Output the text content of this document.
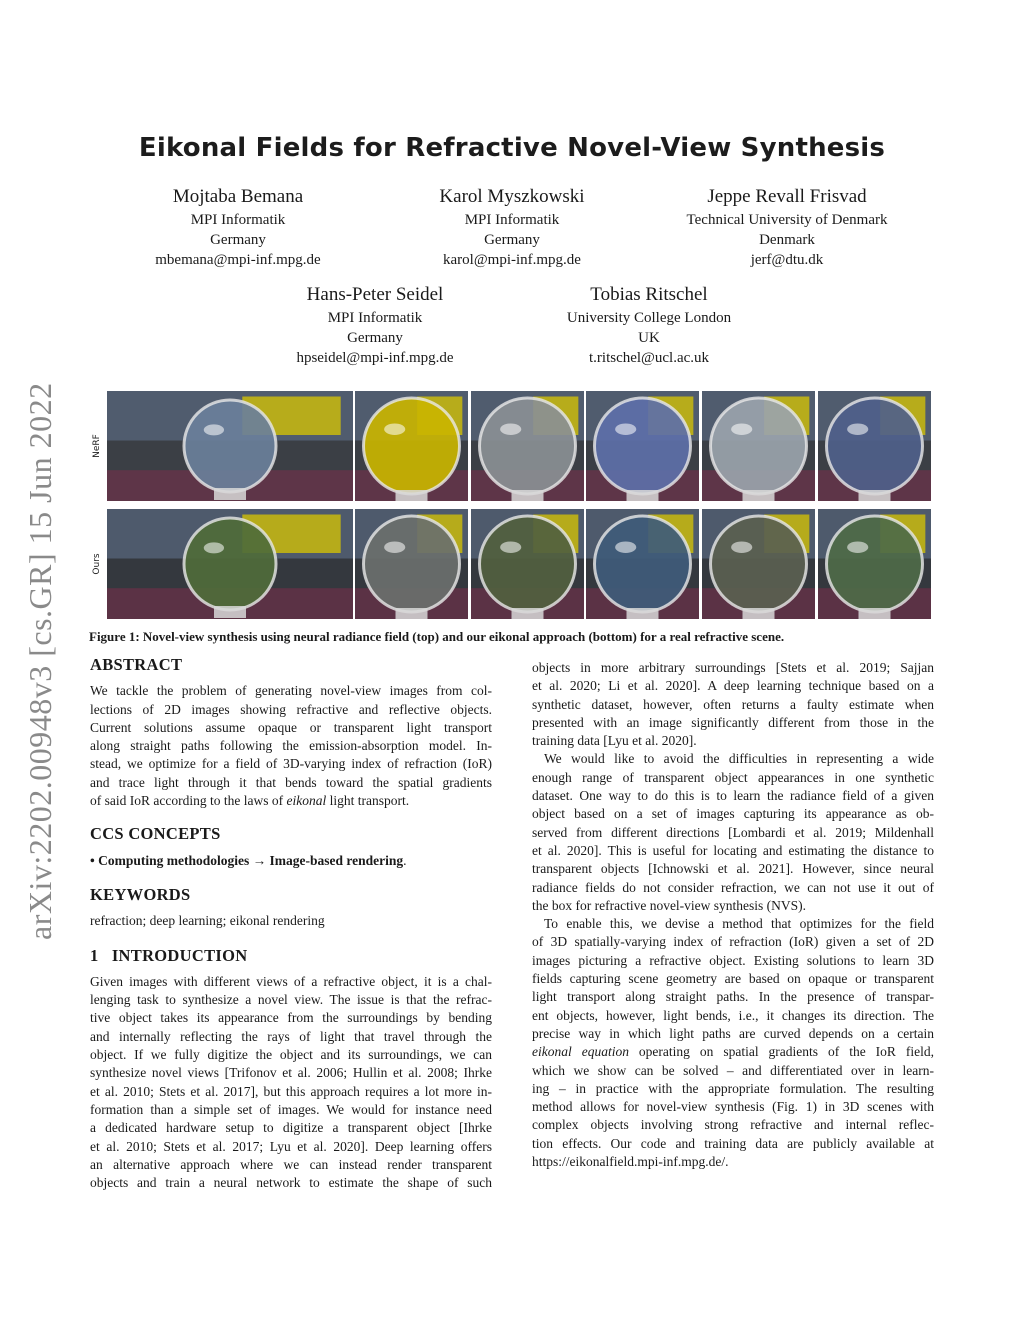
Eikonal Fields for Refractive Novel-View Synthesis
Mojtaba Bemana
MPI Informatik
Germany
mbemana@mpi-inf.mpg.de
Karol Myszkowski
MPI Informatik
Germany
karol@mpi-inf.mpg.de
Jeppe Revall Frisvad
Technical University of Denmark
Denmark
jerf@dtu.dk
Hans-Peter Seidel
MPI Informatik
Germany
hpseidel@mpi-inf.mpg.de
Tobias Ritschel
University College London
UK
t.ritschel@ucl.ac.uk
arXiv:2202.00948v3 [cs.GR] 15 Jun 2022	NeRF
Ours
Figure 1: Novel-view synthesis using neural radiance field (top) and our eikonal approach (bottom) for a real refractive scene.
ABSTRACT
We tackle the problem of generating novel-view images from col-
lections of 2D images showing refractive and reflective objects.
Current solutions assume opaque or transparent light transport
along straight paths following the emission-absorption model. In-
stead, we optimize for a field of 3D-varying index of refraction (IoR)
and trace light through it that bends toward the spatial gradients
of said IoR according to the laws of eikonal light transport.
CCS CONCEPTS
• Computing methodologies → Image-based rendering.
KEYWORDS
refraction; deep learning; eikonal rendering
1   INTRODUCTION
Given images with different views of a refractive object, it is a chal-
lenging task to synthesize a novel view. The issue is that the refrac-
tive object takes its appearance from the surroundings by bending
and internally reflecting the rays of light that travel through the
object. If we fully digitize the object and its surroundings, we can
synthesize novel views [Trifonov et al. 2006; Hullin et al. 2008; Ihrke
et al. 2010; Stets et al. 2017], but this approach requires a lot more in-
formation than a simple set of images. We would for instance need
a dedicated hardware setup to digitize a transparent object [Ihrke
et al. 2010; Stets et al. 2017; Lyu et al. 2020]. Deep learning offers
an alternative approach where we can instead render transparent
objects and train a neural network to estimate the shape of such
objects in more arbitrary surroundings [Stets et al. 2019; Sajjan
et al. 2020; Li et al. 2020]. A deep learning technique based on a
synthetic dataset, however, often returns a faulty estimate when
presented with an image significantly different from those in the
training data [Lyu et al. 2020].
We would like to avoid the difficulties in representing a wide
enough range of transparent object appearances in one synthetic
dataset. One way to do this is to learn the radiance field of a given
object based on a set of images capturing its appearance as ob-
served from different directions [Lombardi et al. 2019; Mildenhall
et al. 2020]. This is useful for locating and estimating the distance to
transparent objects [Ichnowski et al. 2021]. However, since neural
radiance fields do not consider refraction, we can not use it out of
the box for refractive novel-view synthesis (NVS).
To enable this, we devise a method that optimizes for the field
of 3D spatially-varying index of refraction (IoR) given a set of 2D
images picturing a refractive object. Existing solutions to learn 3D
fields capturing scene geometry are based on opaque or transparent
light transport along straight paths. In the presence of transpar-
ent objects, however, light bends, i.e., it changes its direction. The
precise way in which light paths are curved depends on a certain
eikonal equation operating on spatial gradients of the IoR field,
which we show can be solved – and differentiated over in learn-
ing – in practice with the appropriate formulation. The resulting
method allows for novel-view synthesis (Fig. 1) in 3D scenes with
complex objects involving strong refractive and internal reflec-
tion effects. Our code and training data are publicly available at
https://eikonalfield.mpi-inf.mpg.de/.
